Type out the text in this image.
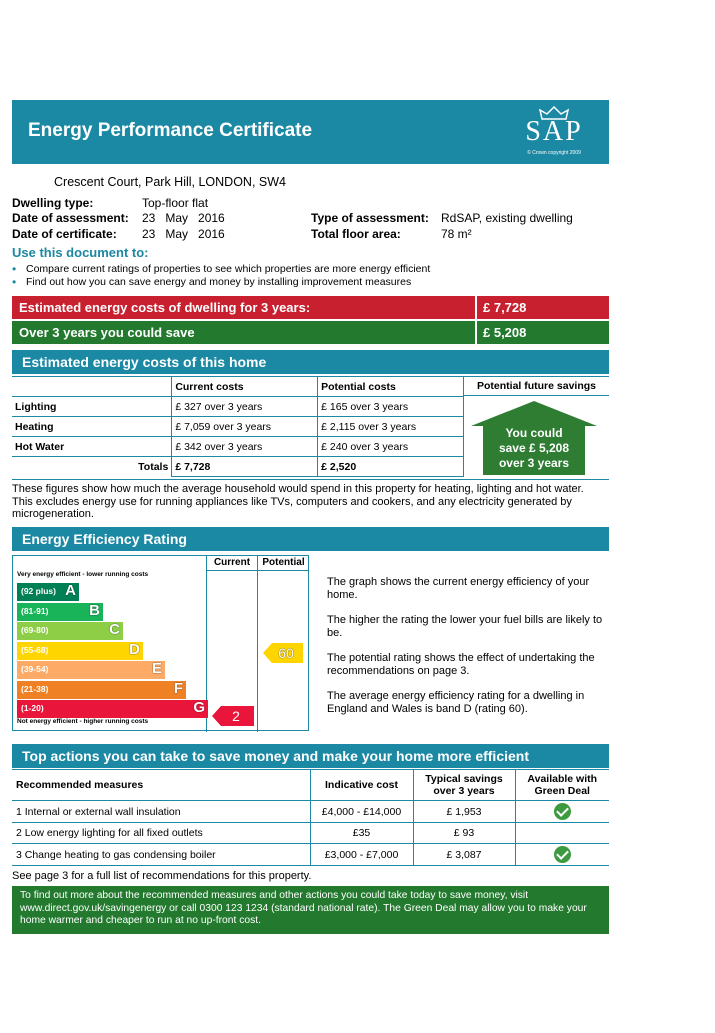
Energy Performance Certificate	SAP
© Crown copyright 2009
Crescent Court, Park Hill, LONDON, SW4
Dwelling type:	Top-floor flat
Date of assessment: 23   May   2016
Date of certificate: 23   May   2016
Type of assessment: RdSAP, existing dwelling
Total floor area:	78 m²
Use this document to:
• Compare current ratings of properties to see which properties are more energy efficient
• Find out how you can save energy and money by installing improvement measures
Estimated energy costs of dwelling for 3 years:	£ 7,728
Over 3 years you could save	£ 5,208
Estimated energy costs of this home
	Current costs	Potential costs
Lighting	£ 327 over 3 years	£ 165 over 3 years
Heating	£ 7,059 over 3 years	£ 2,115 over 3 years
Hot Water	£ 342 over 3 years	£ 240 over 3 years
Totals	£ 7,728	£ 2,520
Potential future savings
You could
save £ 5,208
over 3 years
These figures show how much the average household would spend in this property for heating, lighting and hot water. This excludes energy use for running appliances like TVs, computers and cookers, and any electricity generated by microgeneration.
Energy Efficiency Rating
Current	Potential
Very energy efficient - lower running costs
(92 plus) A
(81-91)	B
(69-80)	C
(55-68)	D
(39-54)	E
(21-38)	F
(1-20)	G
Not energy efficient - higher running costs	2
60
The graph shows the current energy efficiency of your home.
The higher the rating the lower your fuel bills are likely to be.
The potential rating shows the effect of undertaking the recommendations on page 3.
The average energy efficiency rating for a dwelling in England and Wales is band D (rating 60).
Top actions you can take to save money and make your home more efficient
Recommended measures	Indicative cost	Typical savings over 3 years	Available with Green Deal
1 Internal or external wall insulation	£4,000 - £14,000	£ 1,953	
2 Low energy lighting for all fixed outlets	£35	£ 93	
3 Change heating to gas condensing boiler	£3,000 - £7,000	£ 3,087	
See page 3 for a full list of recommendations for this property.
To find out more about the recommended measures and other actions you could take today to save money, visit www.direct.gov.uk/savingenergy or call 0300 123 1234 (standard national rate). The Green Deal may allow you to make your home warmer and cheaper to run at no up-front cost.
